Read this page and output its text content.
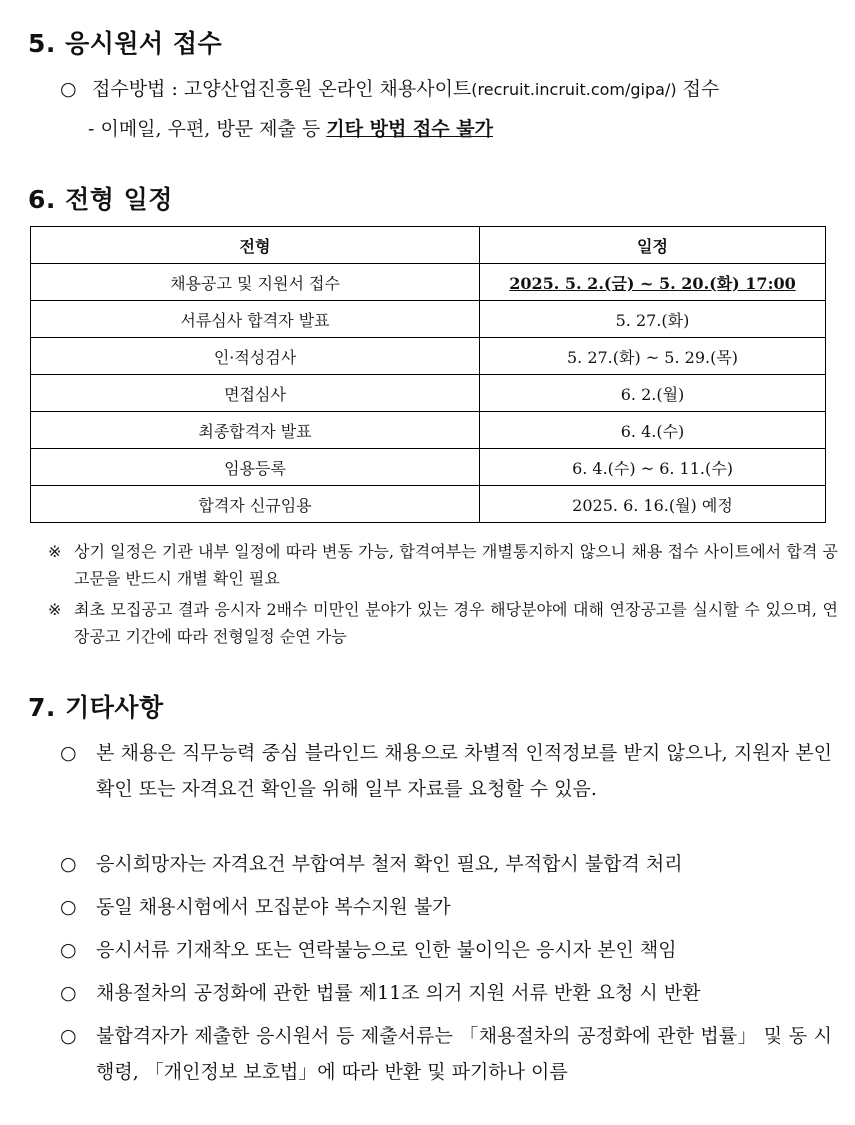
5. 응시원서 접수
○ 접수방법 : 고양산업진흥원 온라인 채용사이트(recruit.incruit.com/gipa/) 접수
- 이메일, 우편, 방문 제출 등 기타 방법 접수 불가
6. 전형 일정
전형	일정
채용공고 및 지원서 접수	2025. 5. 2.(금) ~ 5. 20.(화) 17:00
서류심사 합격자 발표	5. 27.(화)
인·적성검사	5. 27.(화) ~ 5. 29.(목)
면접심사	6. 2.(월)
최종합격자 발표	6. 4.(수)
임용등록	6. 4.(수) ~ 6. 11.(수)
합격자 신규임용	2025. 6. 16.(월) 예정
※ 상기 일정은 기관 내부 일정에 따라 변동 가능, 합격여부는 개별통지하지 않으니 채용 접수 사이트에서 합격 공고문을 반드시 개별 확인 필요
※ 최초 모집공고 결과 응시자 2배수 미만인 분야가 있는 경우 해당분야에 대해 연장공고를 실시할 수 있으며, 연장공고 기간에 따라 전형일정 순연 가능
7. 기타사항
○	본 채용은 직무능력 중심 블라인드 채용으로 차별적 인적정보를 받지 않으나, 지원자 본인 확인 또는 자격요건 확인을 위해 일부 자료를 요청할 수 있음.
○	응시희망자는 자격요건 부합여부 철저 확인 필요, 부적합시 불합격 처리
○	동일 채용시험에서 모집분야 복수지원 불가
○	응시서류 기재착오 또는 연락불능으로 인한 불이익은 응시자 본인 책임
○	채용절차의 공정화에 관한 법률 제11조 의거 지원 서류 반환 요청 시 반환
○	불합격자가 제출한 응시원서 등 제출서류는 「채용절차의 공정화에 관한 법률」 및 동 시행령, 「개인정보 보호법」에 따라 반환 및 파기하나 이름
